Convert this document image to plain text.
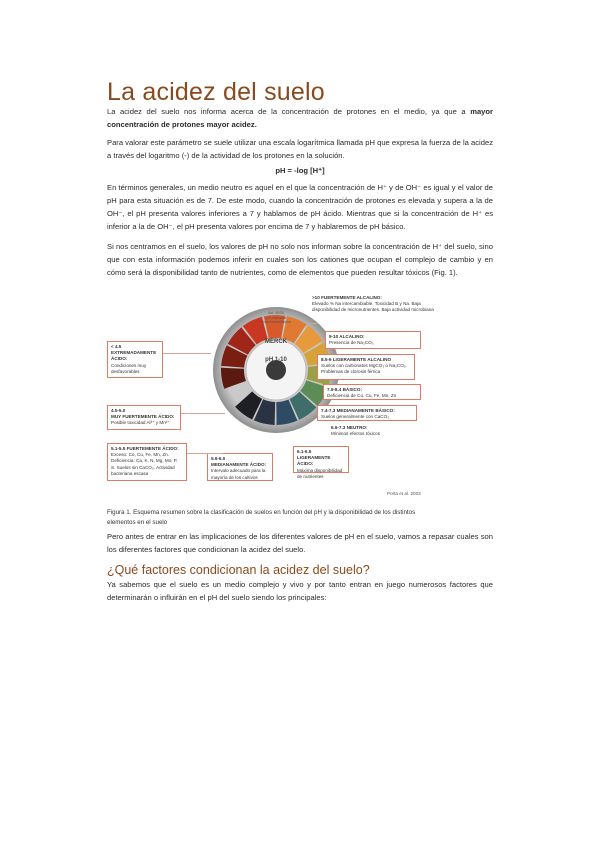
La acidez del suelo

La acidez del suelo nos informa acerca de la concentración de protones en el medio, ya que a mayor concentración de protones mayor acidez.

Para valorar este parámetro se suele utilizar una escala logarítmica llamada pH que expresa la fuerza de la acidez a través del logaritmo (-) de la actividad de los protones en la solución.

pH = -log [H⁺]

En términos generales, un medio neutro es aquel en el que la concentración de H⁺ y de OH⁻ es igual y el valor de pH para esta situación es de 7. De este modo, cuando la concentración de protones es elevada y supera a la de OH⁻, el pH presenta valores inferiores a 7 y hablamos de pH ácido. Mientras que si la concentración de H⁺ es inferior a la de OH⁻, el pH presenta valores por encima de 7 y hablaremos de pH básico.

Si nos centramos en el suelo, los valores de pH no solo nos informan sobre la concentración de H⁺ del suelo, sino que con esta información podemos inferir en cuales son los cationes que ocupan el complejo de cambio y en cómo será la disponibilidad tanto de nutrientes, como de elementos que pueden resultar tóxicos (Fig. 1).

Art. 9535
pH-Indicator Universalindikator
MERCK
pH 1-10
< 4.5
EXTREMADAMENTE ÁCIDO:
Condiciones muy desfavorables
4.5-5.0
MUY FUERTEMENTE ÁCIDO:
Posible toxicidad Al³⁺ y Mn²⁺
5.1-5.5 FUERTEMENTE ÁCIDO:
Exceso: Co, Cu, Fe, Mn, Zn. Deficiencia: Ca, K, N, Mg, Mo, P, S. Suelos sin CaCO₃. Actividad bacteriana escasa
5.6-6.0
MEDIANAMENTE ÁCIDO:
Intervalo adecuado para la mayoría de los cultivos
6.1-6.5
LIGERAMENTE ÁCIDO:
Máxima disponibilidad de nutrientes
>10 FUERTEMENTE ALCALINO:
Elevado % Na intercambiable. Toxicidad B y Na. Baja disponibilidad de micronutrientes. Baja actividad microbiana
9-10 ALCALINO:
Presencia de Na₂CO₃
8.5-9 LIGERAMENTE ALCALINO
Suelos con carbonatos MgCO₃ o Na₂CO₃. Problemas de clorosis férrica
7.5-8.4 BÁSICO:
Deficiencia de Co, Cu, Fe, Mn, Zn
7.4-7.3 MEDIANAMENTE BÁSICO:
Suelos generalmente con CaCO₃
6.6-7.3 NEUTRO:
Mínimos efectos tóxicos
Porta et al. 2003
Figura 1. Esquema resumen sobre la clasificación de suelos en función del pH y la disponibilidad de los distintos elementos en el suelo

Pero antes de entrar en las implicaciones de los diferentes valores de pH en el suelo, vamos a repasar cuales son los diferentes factores que condicionan la acidez del suelo.

¿Qué factores condicionan la acidez del suelo?

Ya sabemos que el suelo es un medio complejo y vivo y por tanto entran en juego numerosos factores que determinarán o influirán en el pH del suelo siendo los principales:
